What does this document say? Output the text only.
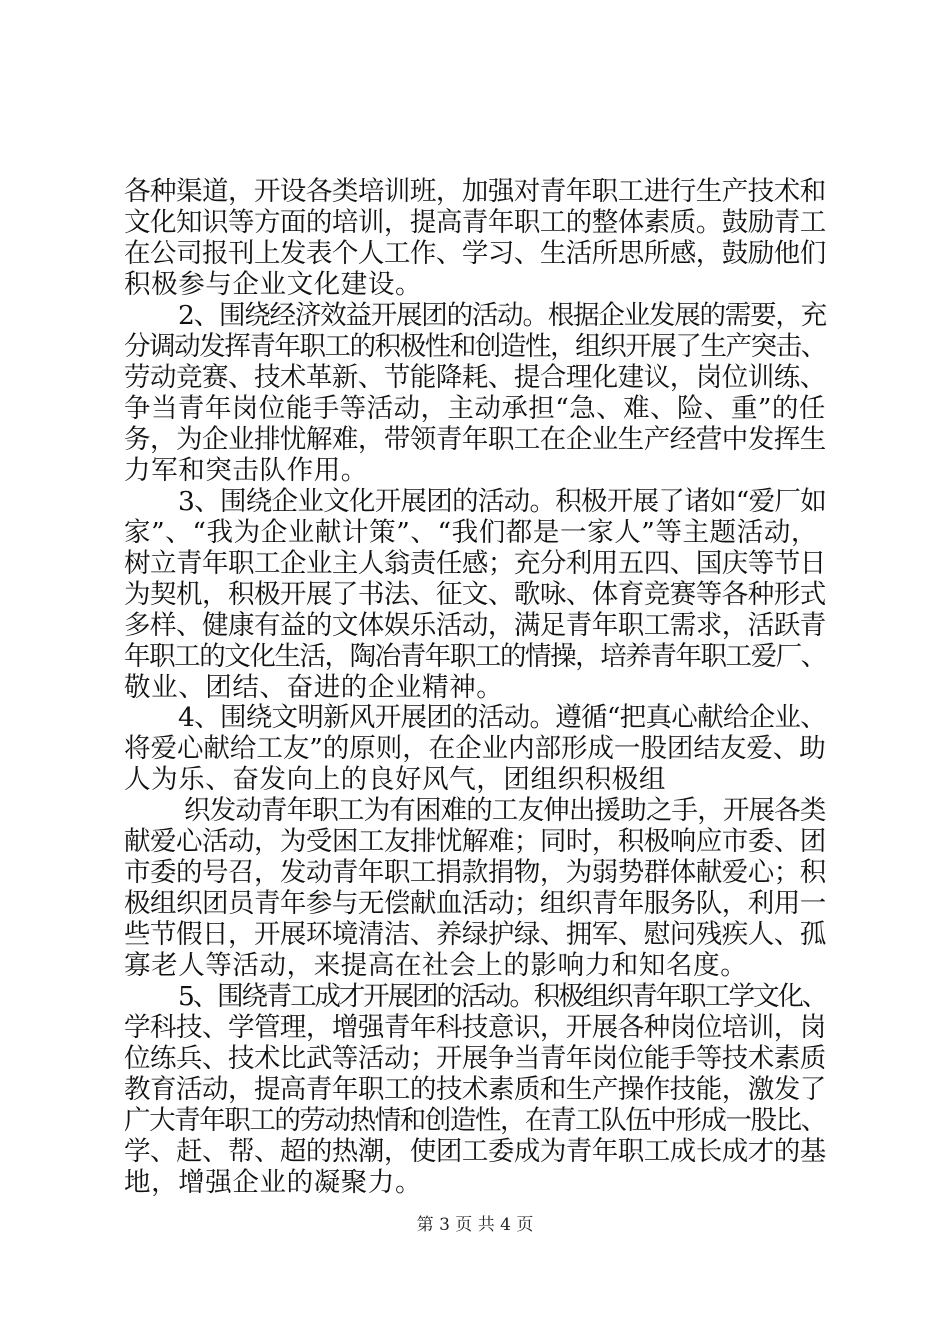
各种渠道，开设各类培训班，加强对青年职工进行生产技术和
文化知识等方面的培训，提高青年职工的整体素质。鼓励青工
在公司报刊上发表个人工作、学习、生活所思所感，鼓励他们
积极参与企业文化建设。
2、围绕经济效益开展团的活动。根据企业发展的需要，充
分调动发挥青年职工的积极性和创造性，组织开展了生产突击、
劳动竞赛、技术革新、节能降耗、提合理化建议，岗位训练、
争当青年岗位能手等活动，主动承担“急、难、险、重”的任
务，为企业排忧解难，带领青年职工在企业生产经营中发挥生
力军和突击队作用。
3、围绕企业文化开展团的活动。积极开展了诸如“爱厂如
家”、“我为企业献计策”、“我们都是一家人”等主题活动，
树立青年职工企业主人翁责任感；充分利用五四、国庆等节日
为契机，积极开展了书法、征文、歌咏、体育竞赛等各种形式
多样、健康有益的文体娱乐活动，满足青年职工需求，活跃青
年职工的文化生活，陶冶青年职工的情操，培养青年职工爱厂、
敬业、团结、奋进的企业精神。
4、围绕文明新风开展团的活动。遵循“把真心献给企业、
将爱心献给工友”的原则，在企业内部形成一股团结友爱、助
人为乐、奋发向上的良好风气，团组织积极组
织发动青年职工为有困难的工友伸出援助之手，开展各类
献爱心活动，为受困工友排忧解难；同时，积极响应市委、团
市委的号召，发动青年职工捐款捐物，为弱势群体献爱心；积
极组织团员青年参与无偿献血活动；组织青年服务队，利用一
些节假日，开展环境清洁、养绿护绿、拥军、慰问残疾人、孤
寡老人等活动，来提高在社会上的影响力和知名度。
5、围绕青工成才开展团的活动。积极组织青年职工学文化、
学科技、学管理，增强青年科技意识，开展各种岗位培训，岗
位练兵、技术比武等活动；开展争当青年岗位能手等技术素质
教育活动，提高青年职工的技术素质和生产操作技能，激发了
广大青年职工的劳动热情和创造性，在青工队伍中形成一股比、
学、赶、帮、超的热潮，使团工委成为青年职工成长成才的基
地，增强企业的凝聚力。
第 3 页 共 4 页
